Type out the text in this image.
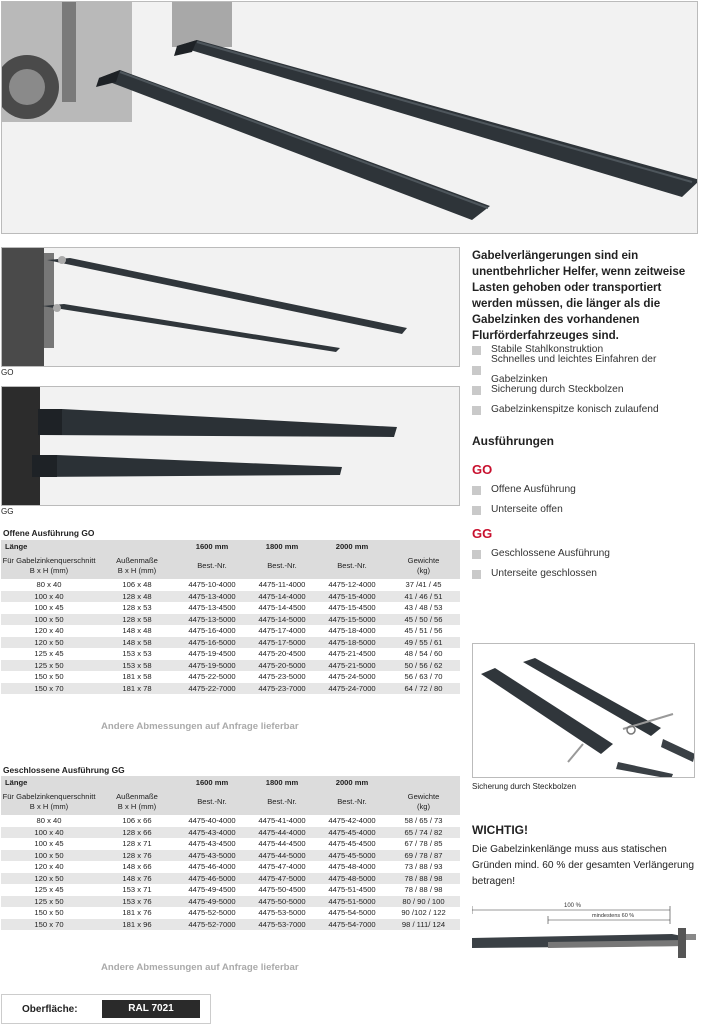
GO
GG
Gabelverlängerungen sind ein unentbehrlicher Helfer, wenn zeitweise Lasten gehoben oder transportiert werden müssen, die länger als die Gabelzinken des vorhandenen Flurförderfahrzeuges sind.
Stabile Stahlkonstruktion
Schnelles und leichtes Einfahren der Gabelzinken
Sicherung durch Steckbolzen
Gabelzinkenspitze konisch zulaufend
Ausführungen
GO
Offene Ausführung
Unterseite offen
GG
Geschlossene Ausführung
Unterseite geschlossen
Offene Ausführung GO
Länge		1600 mm	1800 mm	2000 mm	
Für Gabelzinkenquerschnitt
B x H (mm)	Außenmaße
B x H (mm)	Best.-Nr.	Best.-Nr.	Best.-Nr.	Gewichte
(kg)
80 x 40	106 x 48	4475-10-4000	4475-11-4000	4475-12-4000	37 /41 / 45
100 x 40	128 x 48	4475-13-4000	4475-14-4000	4475-15-4000	41 / 46 / 51
100 x 45	128 x 53	4475-13-4500	4475-14-4500	4475-15-4500	43 / 48 / 53
100 x 50	128 x 58	4475-13-5000	4475-14-5000	4475-15-5000	45 / 50 / 56
120 x 40	148 x 48	4475-16-4000	4475-17-4000	4475-18-4000	45 / 51 / 56
120 x 50	148 x 58	4475-16-5000	4475-17-5000	4475-18-5000	49 / 55 / 61
125 x 45	153 x 53	4475-19-4500	4475-20-4500	4475-21-4500	48 / 54 / 60
125 x 50	153 x 58	4475-19-5000	4475-20-5000	4475-21-5000	50 / 56 / 62
150 x 50	181 x 58	4475-22-5000	4475-23-5000	4475-24-5000	56 / 63 / 70
150 x 70	181 x 78	4475-22-7000	4475-23-7000	4475-24-7000	64 / 72 / 80
Andere Abmessungen auf Anfrage lieferbar
Geschlossene Ausführung GG
Länge		1600 mm	1800 mm	2000 mm	
Für Gabelzinkenquerschnitt
B x H (mm)	Außenmaße
B x H (mm)	Best.-Nr.	Best.-Nr.	Best.-Nr.	Gewichte
(kg)
80 x 40	106 x 66	4475-40-4000	4475-41-4000	4475-42-4000	58 / 65 / 73
100 x 40	128 x 66	4475-43-4000	4475-44-4000	4475-45-4000	65 / 74 / 82
100 x 45	128 x 71	4475-43-4500	4475-44-4500	4475-45-4500	67 / 78 / 85
100 x 50	128 x 76	4475-43-5000	4475-44-5000	4475-45-5000	69 / 78 / 87
120 x 40	148 x 66	4475-46-4000	4475-47-4000	4475-48-4000	73 / 88 / 93
120 x 50	148 x 76	4475-46-5000	4475-47-5000	4475-48-5000	78 / 88 / 98
125 x 45	153 x 71	4475-49-4500	4475-50-4500	4475-51-4500	78 / 88 / 98
125 x 50	153 x 76	4475-49-5000	4475-50-5000	4475-51-5000	80 / 90 / 100
150 x 50	181 x 76	4475-52-5000	4475-53-5000	4475-54-5000	90 /102 / 122
150 x 70	181 x 96	4475-52-7000	4475-53-7000	4475-54-7000	98 / 111/ 124
Andere Abmessungen auf Anfrage lieferbar
Sicherung durch Steckbolzen
WICHTIG!
Die Gabelzinkenlänge muss aus statischen Gründen mind. 60 % der gesamten Verlängerung betragen!
100 %
mindestens 60 %
Oberfläche:	RAL 7021
